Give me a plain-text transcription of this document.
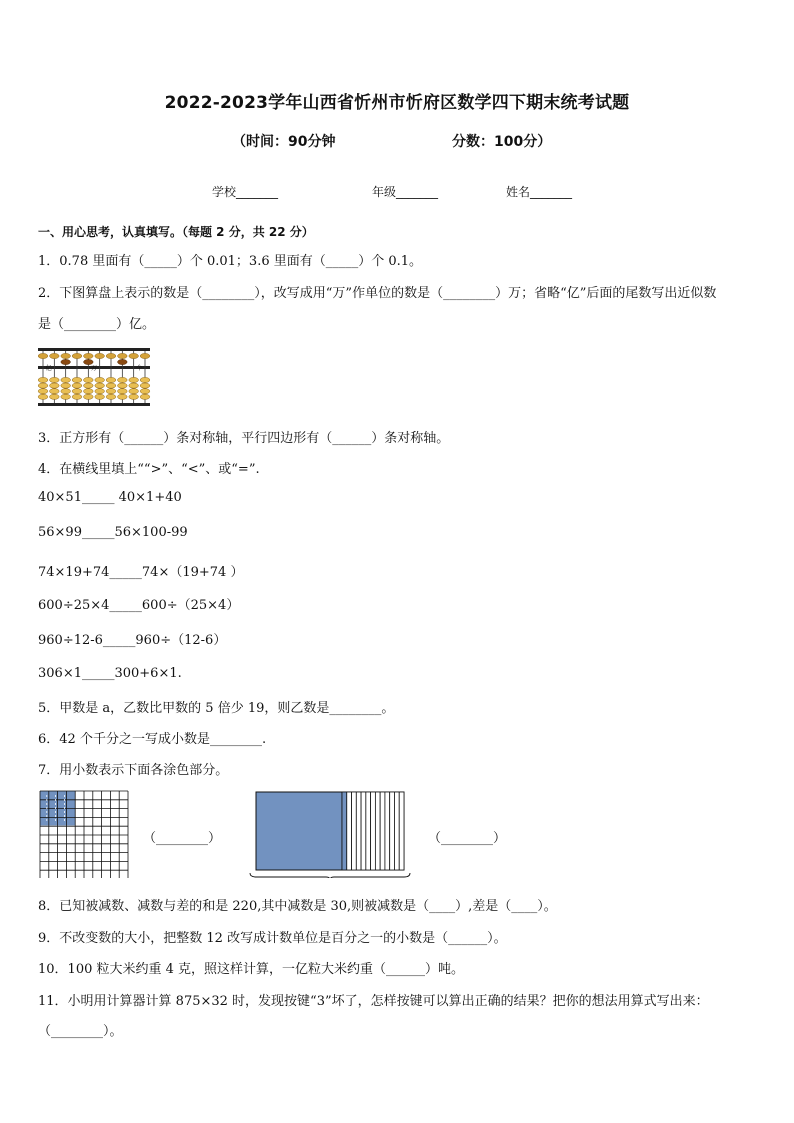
2022-2023学年山西省忻州市忻府区数学四下期末统考试题
（时间：90分钟	分数：100分）
学校_______	年级_______	姓名_______
一、用心思考，认真填写。（每题 2 分，共 22 分）
1．0.78 里面有（_____）个 0.01；3.6 里面有（_____）个 0.1。
2．下图算盘上表示的数是（________），改写成用“万”作单位的数是（________）万；省略“亿”后面的尾数写出近似数
是（________）亿。
亿	万	个
3．正方形有（______）条对称轴，平行四边形有（______）条对称轴。
4．在横线里填上““>”、“<”、或“=”.
40×51_____ 40×1+40
56×99_____56×100-99
74×19+74_____74×（19+74 ）
600÷25×4_____600÷（25×4）
960÷12-6_____960÷（12-6）
306×1_____300+6×1.
5．甲数是 a，乙数比甲数的 5 倍少 19，则乙数是________。
6．42 个千分之一写成小数是________.
7．用小数表示下面各涂色部分。
（________）	（________）
8．已知被减数、减数与差的和是 220,其中减数是 30,则被减数是（____）,差是（____）。
9．不改变数的大小，把整数 12 改写成计数单位是百分之一的小数是（______）。
10．100 粒大米约重 4 克，照这样计算，一亿粒大米约重（______）吨。
11．小明用计算器计算 875×32 时，发现按键“3”坏了，怎样按键可以算出正确的结果？把你的想法用算式写出来：
（________）。
